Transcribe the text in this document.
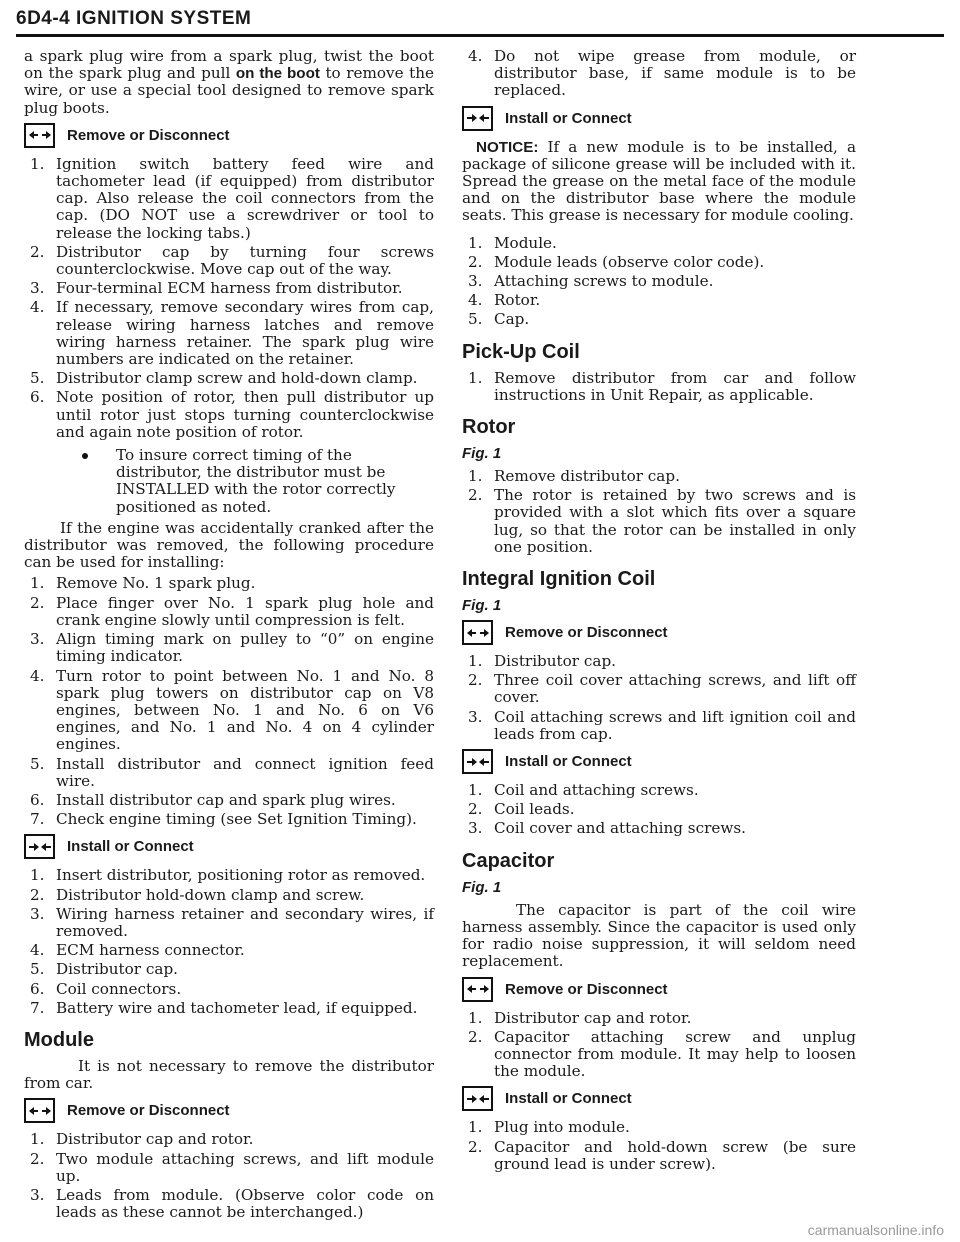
6D4-4 IGNITION SYSTEM

a spark plug wire from a spark plug, twist the boot on the spark plug and pull on the boot to remove the wire, or use a special tool designed to remove spark plug boots.

Remove or Disconnect
1. Ignition switch battery feed wire and tachometer lead (if equipped) from distributor cap. Also release the coil connectors from the cap. (DO NOT use a screwdriver or tool to release the locking tabs.)
2. Distributor cap by turning four screws counterclockwise. Move cap out of the way.
3. Four-terminal ECM harness from distributor.
4. If necessary, remove secondary wires from cap, release wiring harness latches and remove wiring harness retainer. The spark plug wire numbers are indicated on the retainer.
5. Distributor clamp screw and hold-down clamp.
6. Note position of rotor, then pull distributor up until rotor just stops turning counterclockwise and again note position of rotor.
To insure correct timing of the distributor, the distributor must be INSTALLED with the rotor correctly positioned as noted.

If the engine was accidentally cranked after the distributor was removed, the following procedure can be used for installing:

1. Remove No. 1 spark plug.
2. Place finger over No. 1 spark plug hole and crank engine slowly until compression is felt.
3. Align timing mark on pulley to “0” on engine timing indicator.
4. Turn rotor to point between No. 1 and No. 8 spark plug towers on distributor cap on V8 engines, between No. 1 and No. 6 on V6 engines, and No. 1 and No. 4 on 4 cylinder engines.
5. Install distributor and connect ignition feed wire.
6. Install distributor cap and spark plug wires.
7. Check engine timing (see Set Ignition Timing).
Install or Connect
1. Insert distributor, positioning rotor as removed.
2. Distributor hold-down clamp and screw.
3. Wiring harness retainer and secondary wires, if removed.
4. ECM harness connector.
5. Distributor cap.
6. Coil connectors.
7. Battery wire and tachometer lead, if equipped.
Module

It is not necessary to remove the distributor from car.

Remove or Disconnect
1. Distributor cap and rotor.
2. Two module attaching screws, and lift module up.
3. Leads from module. (Observe color code on leads as these cannot be interchanged.)
4. Do not wipe grease from module, or distributor base, if same module is to be replaced.
Install or Connect

NOTICE: If a new module is to be installed, a package of silicone grease will be included with it. Spread the grease on the metal face of the module and on the distributor base where the module seats. This grease is necessary for module cooling.

1. Module.
2. Module leads (observe color code).
3. Attaching screws to module.
4. Rotor.
5. Cap.
Pick-Up Coil
1. Remove distributor from car and follow instructions in Unit Repair, as applicable.
Rotor

Fig. 1

1. Remove distributor cap.
2. The rotor is retained by two screws and is provided with a slot which fits over a square lug, so that the rotor can be installed in only one position.
Integral Ignition Coil

Fig. 1

Remove or Disconnect
1. Distributor cap.
2. Three coil cover attaching screws, and lift off cover.
3. Coil attaching screws and lift ignition coil and leads from cap.
Install or Connect
1. Coil and attaching screws.
2. Coil leads.
3. Coil cover and attaching screws.
Capacitor

Fig. 1

The capacitor is part of the coil wire harness assembly. Since the capacitor is used only for radio noise suppression, it will seldom need replacement.

Remove or Disconnect
1. Distributor cap and rotor.
2. Capacitor attaching screw and unplug connector from module. It may help to loosen the module.
Install or Connect
1. Plug into module.
2. Capacitor and hold-down screw (be sure ground lead is under screw).
carmanualsonline.info
